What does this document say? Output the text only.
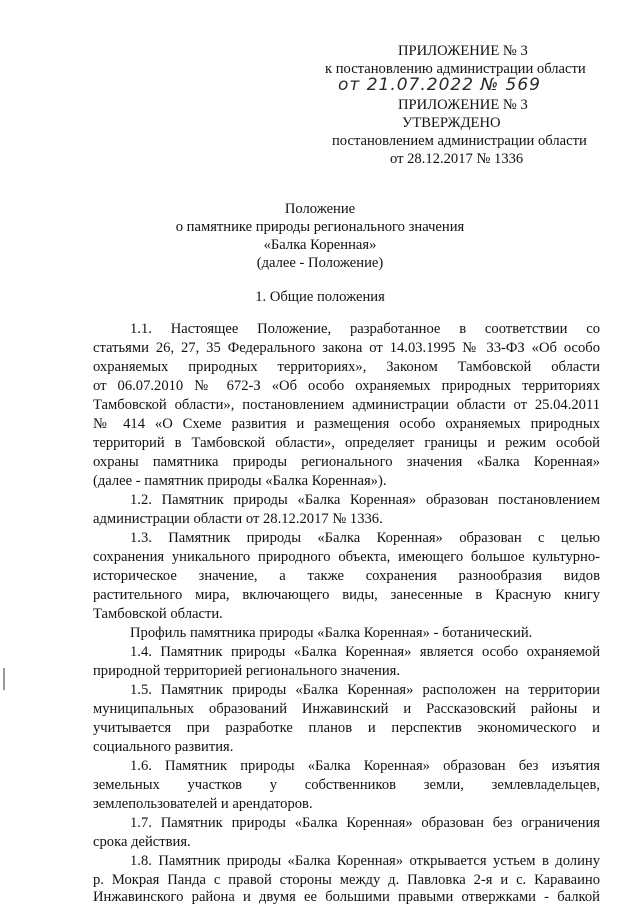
ПРИЛОЖЕНИЕ № 3
к постановлению администрации области
от 21.07.2022 № 569
ПРИЛОЖЕНИЕ № 3
УТВЕРЖДЕНО
постановлением администрации области
от 28.12.2017 № 1336
Положение
о памятнике природы регионального значения
«Балка Коренная»
(далее - Положение)
1. Общие положения
1.1. Настоящее Положение, разработанное в соответствии со
статьями 26, 27, 35 Федерального закона от 14.03.1995 № 33-ФЗ «Об особо
охраняемых природных территориях», Законом Тамбовской области
от 06.07.2010 № 672-З «Об особо охраняемых природных территориях
Тамбовской области», постановлением администрации области от 25.04.2011
№ 414 «О Схеме развития и размещения особо охраняемых природных
территорий в Тамбовской области», определяет границы и режим особой
охраны памятника природы регионального значения «Балка Коренная»
(далее - памятник природы «Балка Коренная»).
1.2. Памятник природы «Балка Коренная» образован постановлением
администрации области от 28.12.2017 № 1336.
1.3. Памятник природы «Балка Коренная» образован с целью
сохранения уникального природного объекта, имеющего большое культурно-
историческое значение, а также сохранения разнообразия видов
растительного мира, включающего виды, занесенные в Красную книгу
Тамбовской области.
Профиль памятника природы «Балка Коренная» - ботанический.
1.4. Памятник природы «Балка Коренная» является особо охраняемой
природной территорией регионального значения.
1.5. Памятник природы «Балка Коренная» расположен на территории
муниципальных образований Инжавинский и Рассказовский районы и
учитывается при разработке планов и перспектив экономического и
социального развития.
1.6. Памятник природы «Балка Коренная» образован без изъятия
земельных участков у собственников земли, землевладельцев,
землепользователей и арендаторов.
1.7. Памятник природы «Балка Коренная» образован без ограничения
срока действия.
1.8. Памятник природы «Балка Коренная» открывается устьем в долину
р. Мокрая Панда с правой стороны между д. Павловка 2-я и с. Караваино
Инжавинского района и двумя ее большими правыми отвержками - балкой
